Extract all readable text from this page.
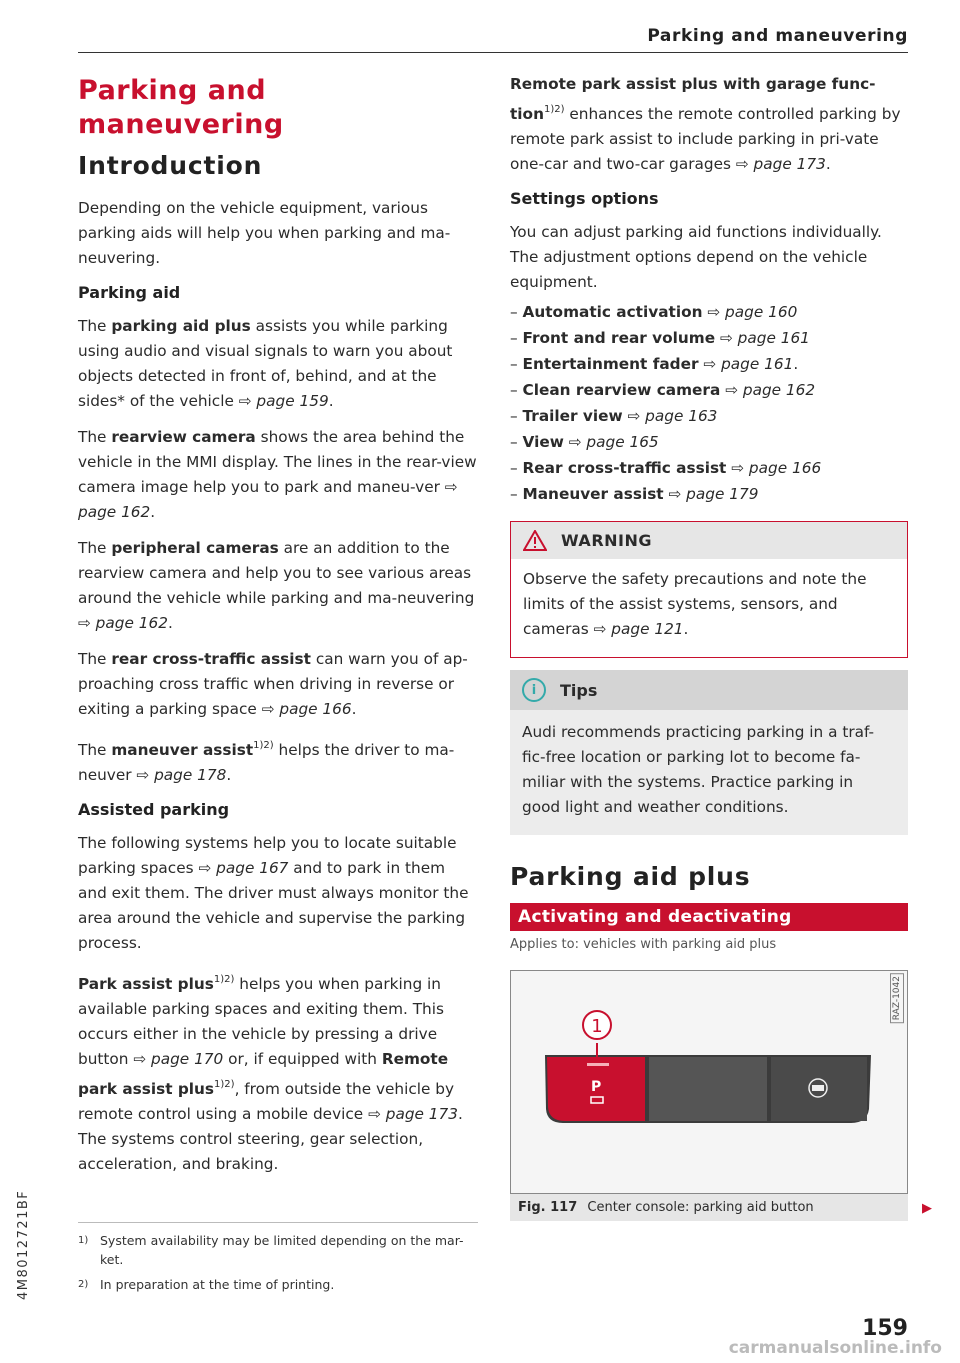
Parking and maneuvering
4M8012721BF
Parking and
maneuvering
Introduction

Depending on the vehicle equipment, various parking aids will help you when parking and ma-neuvering.

Parking aid

The parking aid plus assists you while parking using audio and visual signals to warn you about objects detected in front of, behind, and at the sides* of the vehicle ⇨ page 159.

The rearview camera shows the area behind the vehicle in the MMI display. The lines in the rear-view camera image help you to park and maneu-ver ⇨ page 162.

The peripheral cameras are an addition to the rearview camera and help you to see various areas around the vehicle while parking and ma-neuvering ⇨ page 162.

The rear cross-traffic assist can warn you of ap-proaching cross traffic when driving in reverse or exiting a parking space ⇨ page 166.

The maneuver assist$^{1)2)}$ helps the driver to ma-neuver ⇨ page 178.

Assisted parking

The following systems help you to locate suitable parking spaces ⇨ page 167 and to park in them and exit them. The driver must always monitor the area around the vehicle and supervise the parking process.

Park assist plus$^{1)2)}$ helps you when parking in available parking spaces and exiting them. This occurs either in the vehicle by pressing a drive button ⇨ page 170 or, if equipped with Remote park assist plus$^{1)2)}$, from outside the vehicle by remote control using a mobile device ⇨ page 173. The systems control steering, gear selection, acceleration, and braking.

Remote park assist plus with garage func-tion$^{1)2)}$ enhances the remote controlled parking by remote park assist to include parking in pri-vate one-car and two-car garages ⇨ page 173.

Settings options

You can adjust parking aid functions individually. The adjustment options depend on the vehicle equipment.

– Automatic activation ⇨ page 160
– Front and rear volume ⇨ page 161
– Entertainment fader ⇨ page 161.
– Clean rearview camera ⇨ page 162
– Trailer view ⇨ page 163
– View ⇨ page 165
– Rear cross-traffic assist ⇨ page 166
– Maneuver assist ⇨ page 179
WARNING

Observe the safety precautions and note the limits of the assist systems, sensors, and cameras ⇨ page 121.

i	Tips

Audi recommends practicing parking in a traf-fic-free location or parking lot to become fa-miliar with the systems. Practice parking in good light and weather conditions.

Parking aid plus
Activating and deactivating
Applies to: vehicles with parking aid plus
RAZ-1042
1
P
Fig. 117 Center console: parking aid button	▶
1) System availability may be limited depending on the mar-ket.
2) In preparation at the time of printing.
159
carmanualsonline.info
